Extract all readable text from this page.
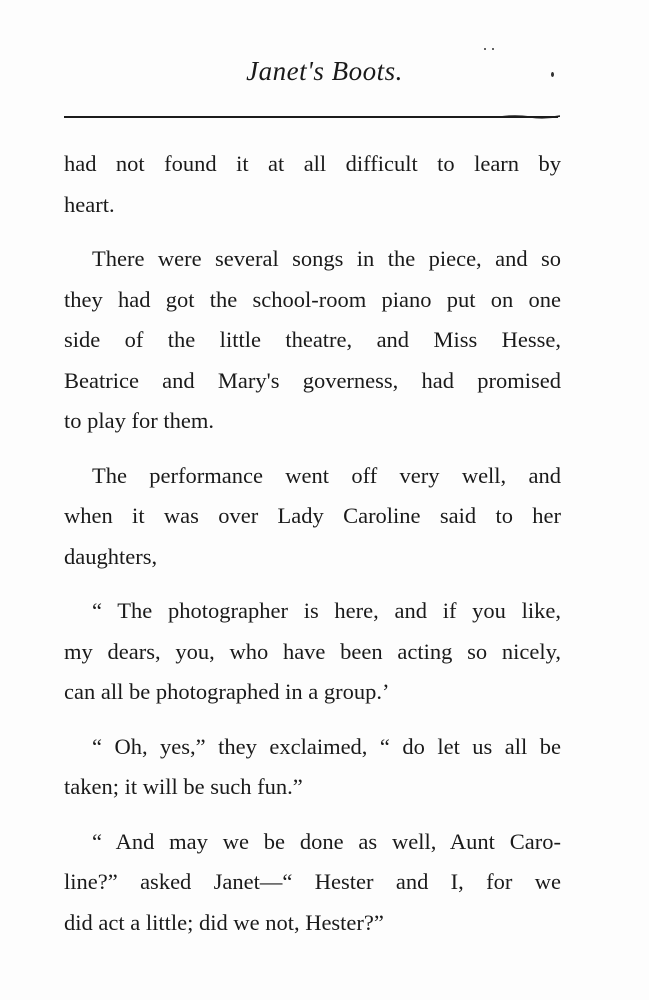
Janet's Boots.

had not found it at all difficult to learn by
heart.

There were several songs in the piece, and so
they had got the school-room piano put on one
side of the little theatre, and Miss Hesse,
Beatrice and Mary's governess, had promised
to play for them.

The performance went off very well, and
when it was over Lady Caroline said to her
daughters,

“ The photographer is here, and if you like,
my dears, you, who have been acting so nicely,
can all be photographed in a group.’

“ Oh, yes,” they exclaimed, “ do let us all be
taken; it will be such fun.”

“ And may we be done as well, Aunt Caro-
line?” asked Janet—“ Hester and I, for we
did act a little; did we not, Hester?”
